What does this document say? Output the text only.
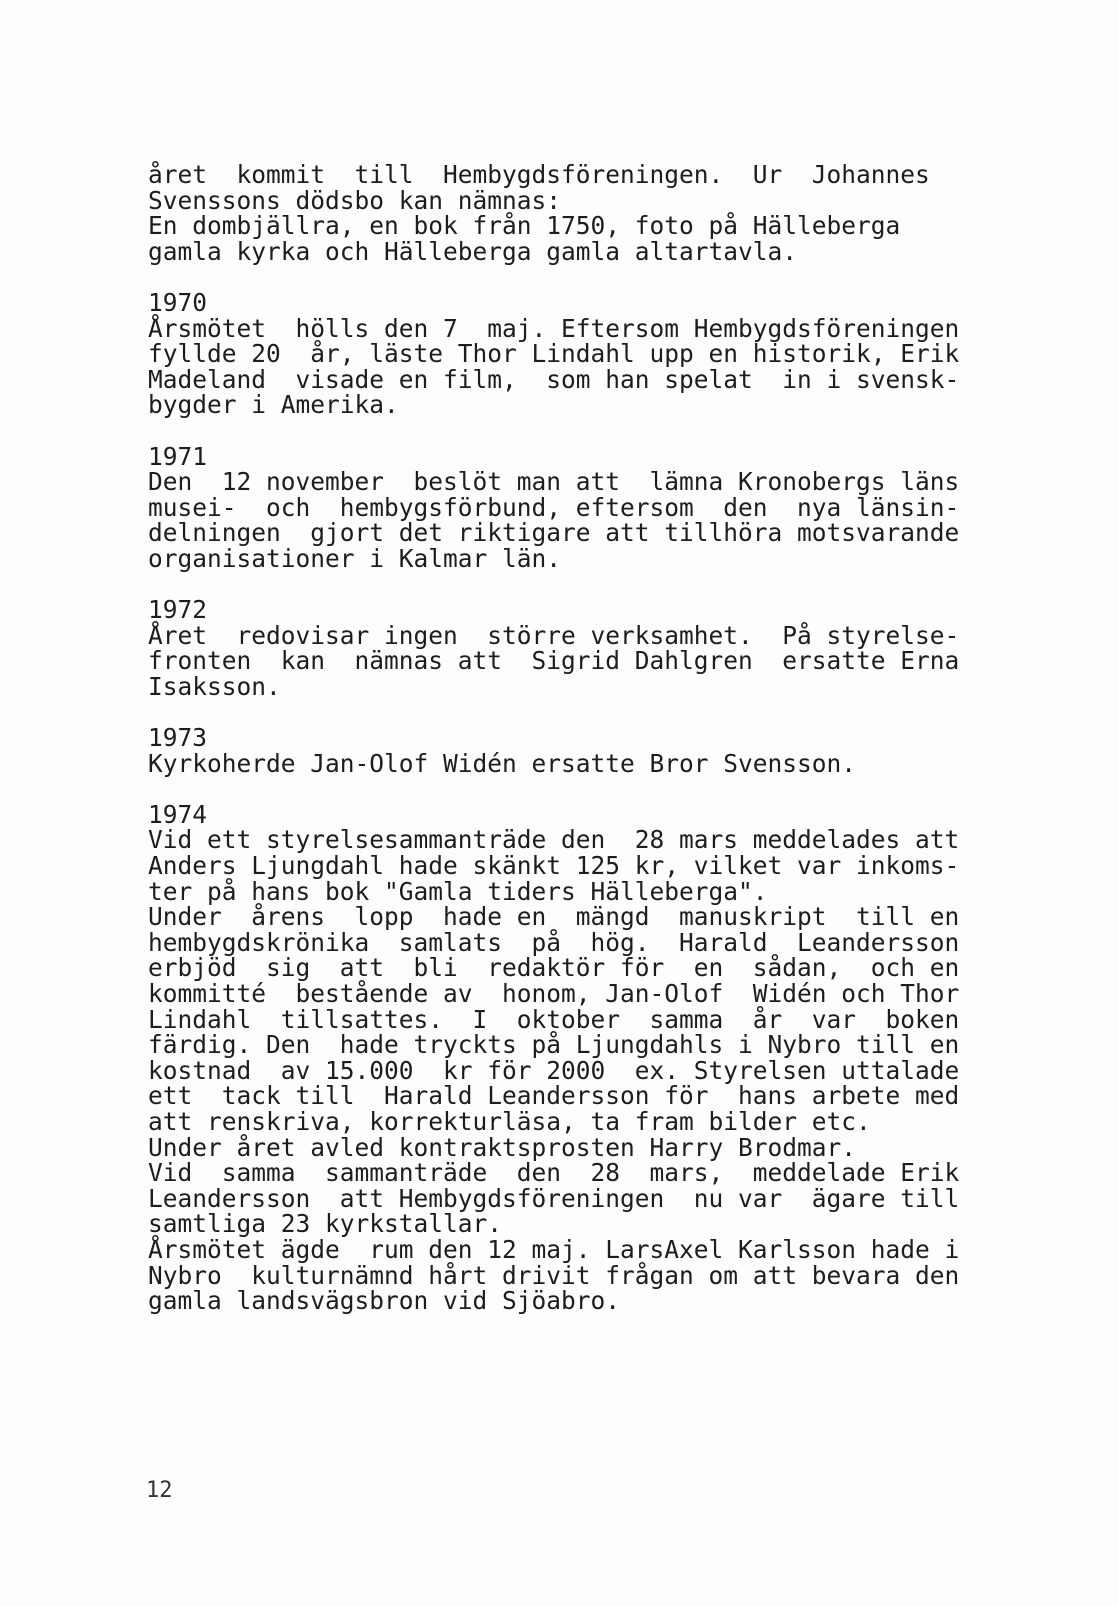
året  kommit  till  Hembygdsföreningen.  Ur  Johannes
Svenssons dödsbo kan nämnas:
En dombjällra, en bok från 1750, foto på Hälleberga
gamla kyrka och Hälleberga gamla altartavla.
1970
Årsmötet  hölls den 7  maj. Eftersom Hembygdsföreningen
fyllde 20  år, läste Thor Lindahl upp en historik, Erik
Madeland  visade en film,  som han spelat  in i svensk-
bygder i Amerika.
1971
Den  12 november  beslöt man att  lämna Kronobergs läns
musei-  och  hembygsförbund, eftersom  den  nya länsin-
delningen  gjort det riktigare att tillhöra motsvarande
organisationer i Kalmar län.
1972
Året  redovisar ingen  större verksamhet.  På styrelse-
fronten  kan  nämnas att  Sigrid Dahlgren  ersatte Erna
Isaksson.
1973
Kyrkoherde Jan-Olof Widén ersatte Bror Svensson.
1974
Vid ett styrelsesammanträde den  28 mars meddelades att
Anders Ljungdahl hade skänkt 125 kr, vilket var inkoms-
ter på hans bok "Gamla tiders Hälleberga".
Under  årens  lopp  hade en  mängd  manuskript  till en
hembygdskrönika  samlats  på  hög.  Harald  Leandersson
erbjöd  sig  att  bli  redaktör för  en  sådan,  och en
kommitté  bestående av  honom, Jan-Olof  Widén och Thor
Lindahl  tillsattes.  I  oktober  samma  år  var  boken
färdig. Den  hade tryckts på Ljungdahls i Nybro till en
kostnad  av 15.000  kr för 2000  ex. Styrelsen uttalade
ett  tack till  Harald Leandersson för  hans arbete med
att renskriva, korrekturläsa, ta fram bilder etc.
Under året avled kontraktsprosten Harry Brodmar.
Vid  samma  sammanträde  den  28  mars,  meddelade Erik
Leandersson  att Hembygdsföreningen  nu var  ägare till
samtliga 23 kyrkstallar.
Årsmötet ägde  rum den 12 maj. LarsAxel Karlsson hade i
Nybro  kulturnämnd hårt drivit frågan om att bevara den
gamla landsvägsbron vid Sjöabro.
12
